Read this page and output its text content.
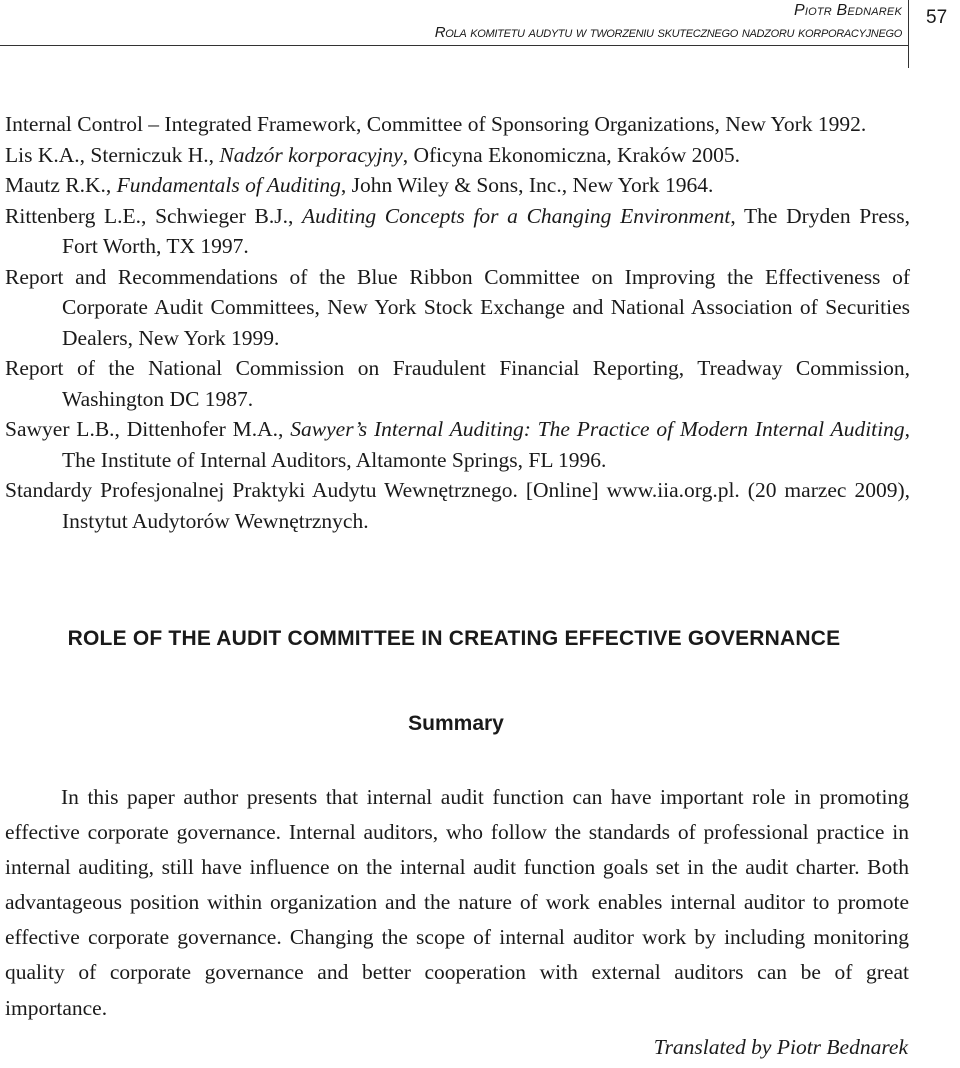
Piotr Bednarek
Rola komitetu audytu w tworzeniu skutecznego nadzoru korporacyjnego
57
Internal Control – Integrated Framework, Committee of Sponsoring Organizations, New York 1992.
Lis K.A., Sterniczuk H., Nadzór korporacyjny, Oficyna Ekonomiczna, Kraków 2005.
Mautz R.K., Fundamentals of Auditing, John Wiley & Sons, Inc., New York 1964.
Rittenberg L.E., Schwieger B.J., Auditing Concepts for a Changing Environment, The Dryden Press, Fort Worth, TX 1997.
Report and Recommendations of the Blue Ribbon Committee on Improving the Effectiveness of Corporate Audit Committees, New York Stock Exchange and National Association of Securities Dealers, New York 1999.
Report of the National Commission on Fraudulent Financial Reporting, Treadway Commission, Washington DC 1987.
Sawyer L.B., Dittenhofer M.A., Sawyer’s Internal Auditing: The Practice of Modern Internal Auditing, The Institute of Internal Auditors, Altamonte Springs, FL 1996.
Standardy Profesjonalnej Praktyki Audytu Wewnętrznego. [Online] www.iia.org.pl. (20 marzec 2009), Instytut Audytorów Wewnętrznych.
ROLE OF THE AUDIT COMMITTEE IN CREATING EFFECTIVE GOVERNANCE
Summary

In this paper author presents that internal audit function can have important role in promoting effective corporate governance. Internal auditors, who follow the standards of professional practice in internal auditing, still have influence on the internal audit function goals set in the audit charter. Both advantageous position within organization and the nature of work enables internal auditor to promote effective corporate governance. Changing the scope of internal auditor work by including monitoring quality of corporate governance and better cooperation with external auditors can be of great importance.

Translated by Piotr Bednarek
